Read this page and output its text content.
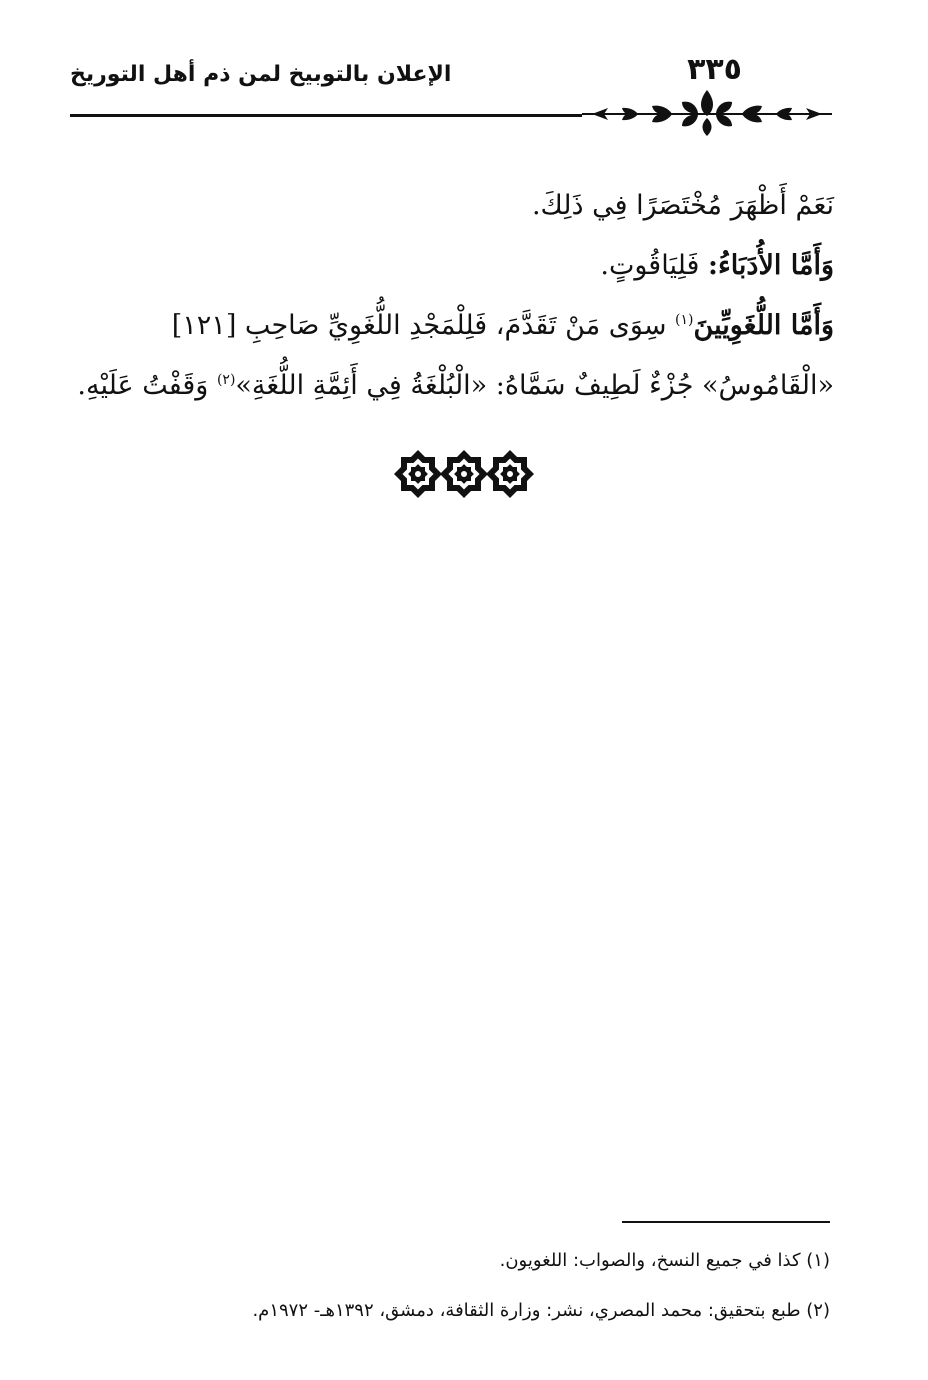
٣٣٥
الإعلان بالتوبيخ لمن ذم أهل التوريخ

نَعَمْ أَظْهَرَ مُخْتَصَرًا فِي ذَلِكَ.

وَأَمَّا الأُدَبَاءُ: فَلِيَاقُوتٍ.

وَأَمَّا اللُّغَوِيِّينَ$^{(١)}$ سِوَى مَنْ تَقَدَّمَ، فَلِلْمَجْدِ اللُّغَوِيِّ صَاحِبِ [١٢١] «الْقَامُوسُ» جُزْءٌ لَطِيفٌ سَمَّاهُ: «الْبُلْغَةُ فِي أَئِمَّةِ اللُّغَةِ»$^{(٢)}$ وَقَفْتُ عَلَيْهِ.

(١) كذا في جميع النسخ، والصواب: اللغويون.

(٢) طبع بتحقيق: محمد المصري، نشر: وزارة الثقافة، دمشق، ١٣٩٢هـ- ١٩٧٢م.
